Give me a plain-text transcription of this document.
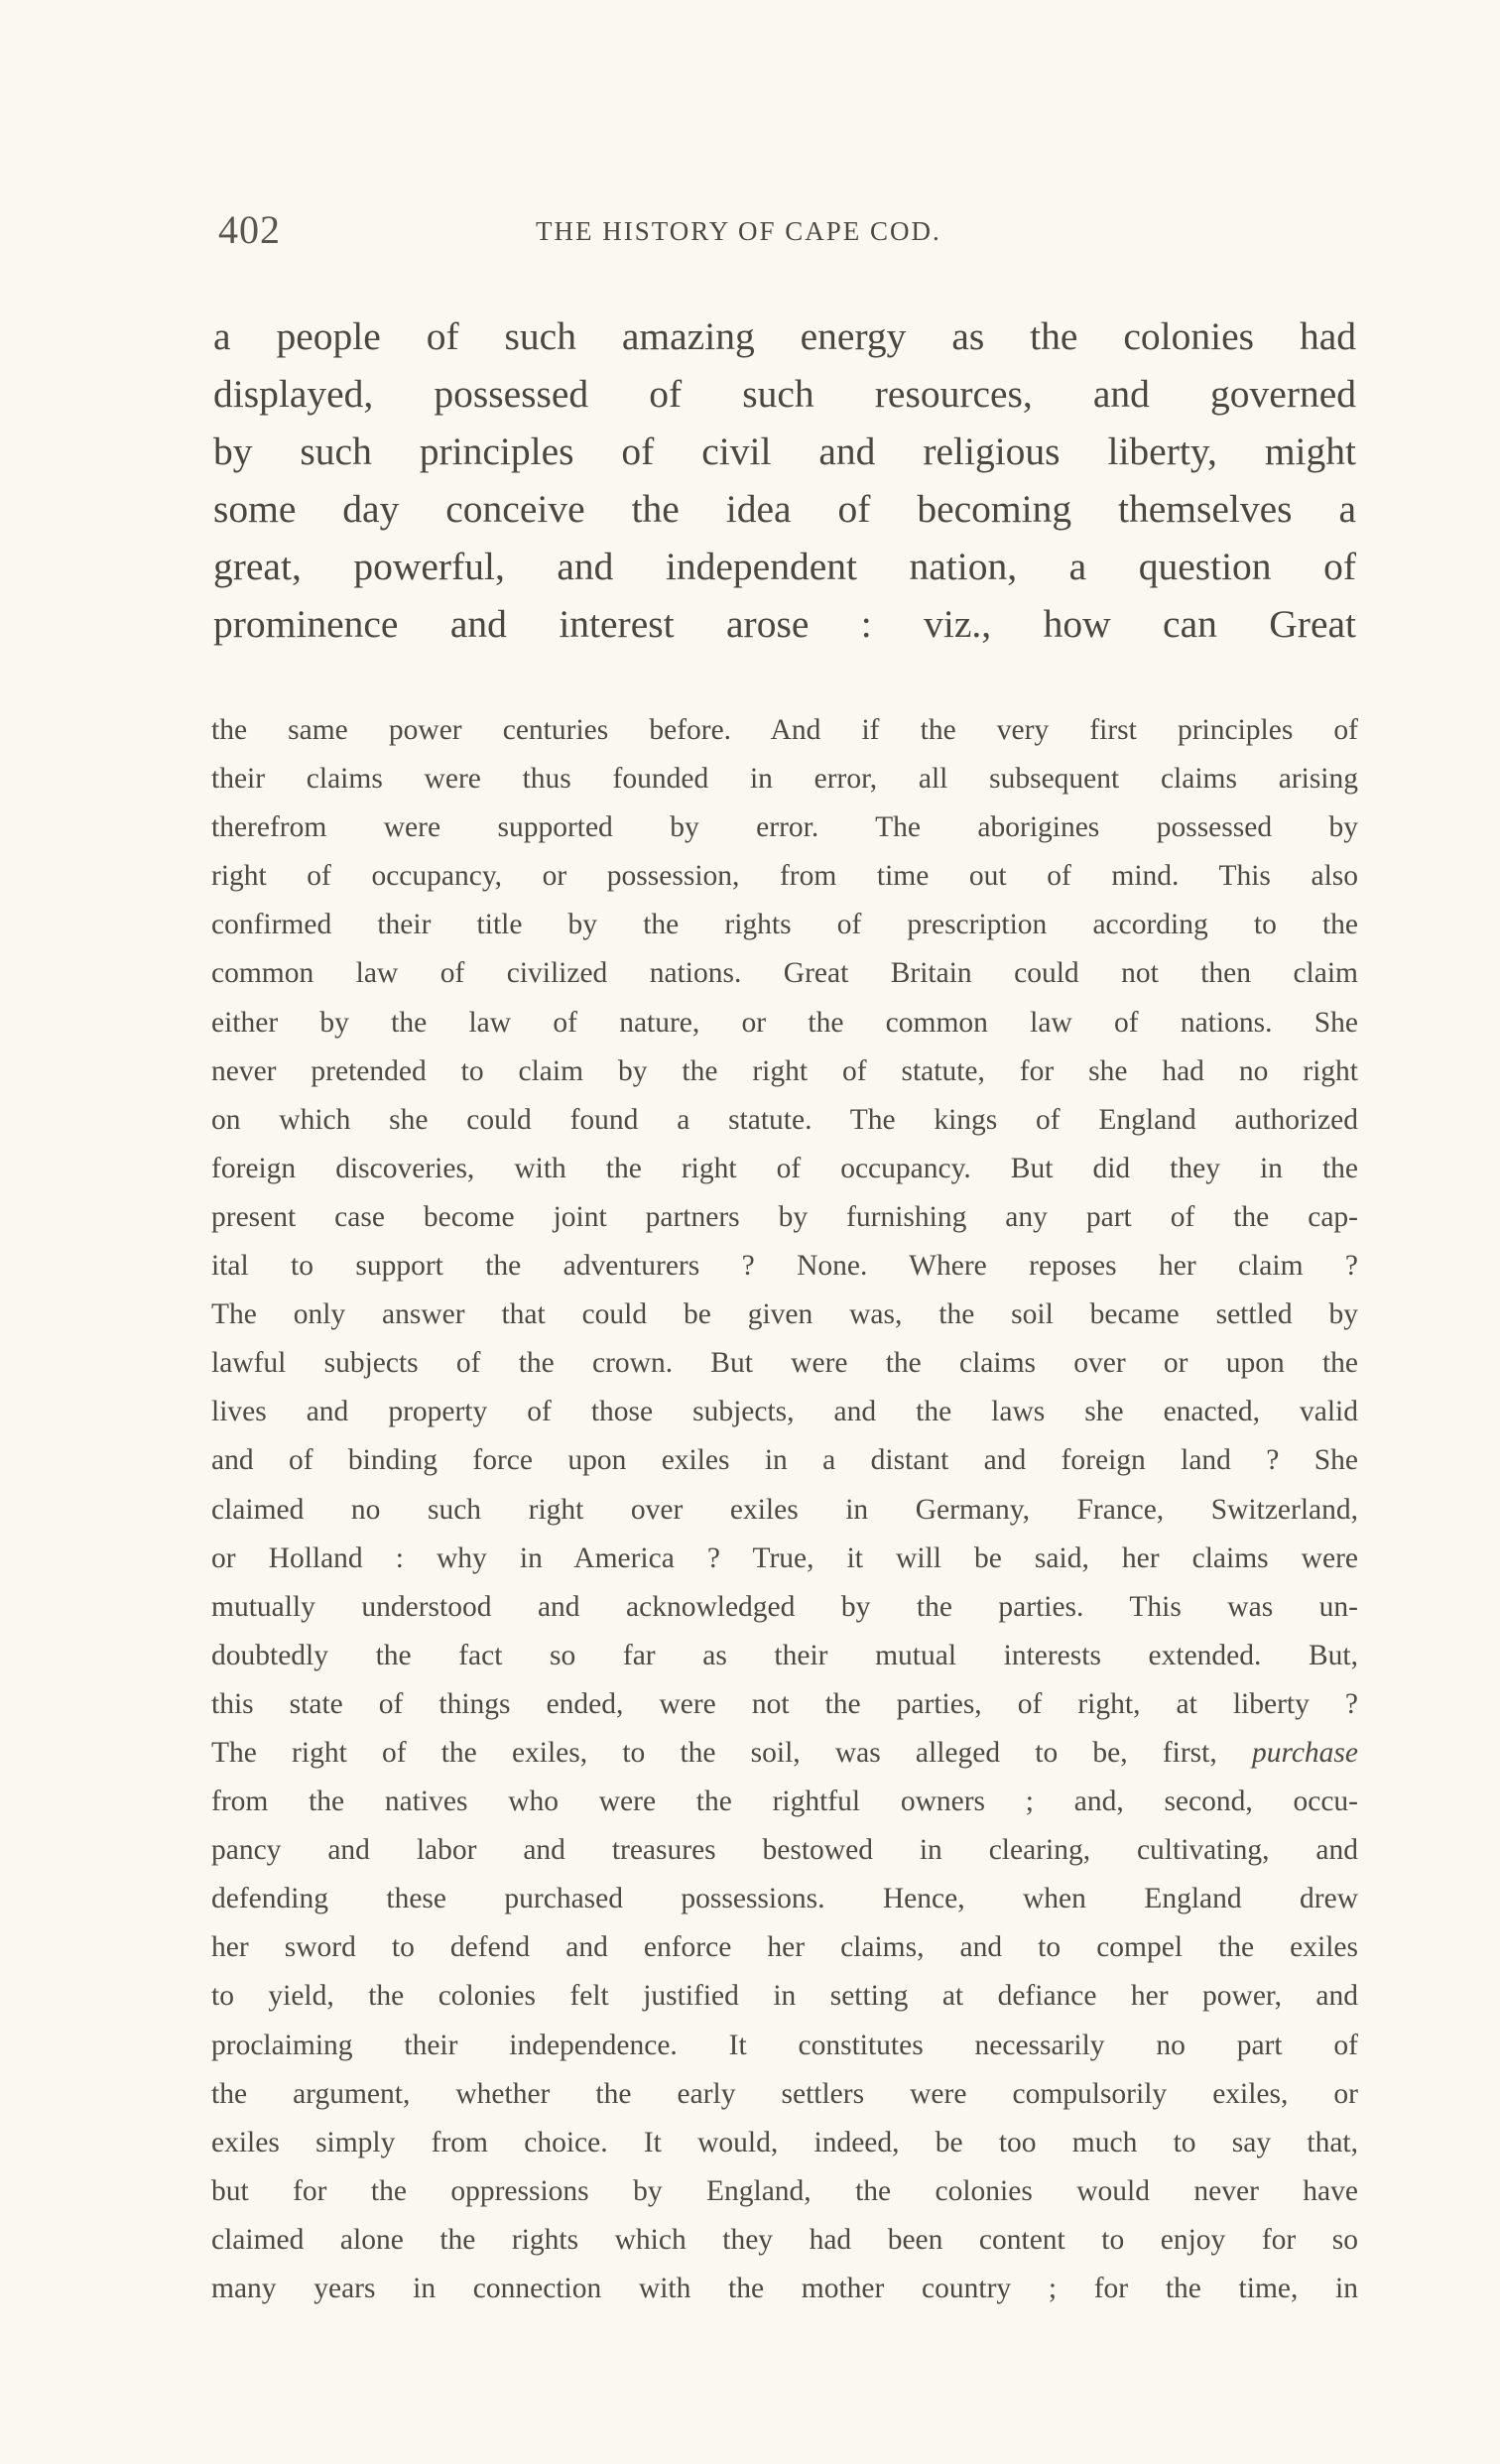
402	THE HISTORY OF CAPE COD.
a people of such amazing energy as the colonies had
displayed, possessed of such resources, and governed
by such principles of civil and religious liberty, might
some day conceive the idea of becoming themselves a
great, powerful, and independent nation, a question of
prominence and interest arose : viz., how can Great
the same power centuries before. And if the very first principles of
their claims were thus founded in error, all subsequent claims arising
therefrom were supported by error. The aborigines possessed by
right of occupancy, or possession, from time out of mind. This also
confirmed their title by the rights of prescription according to the
common law of civilized nations. Great Britain could not then claim
either by the law of nature, or the common law of nations. She
never pretended to claim by the right of statute, for she had no right
on which she could found a statute. The kings of England authorized
foreign discoveries, with the right of occupancy. But did they in the
present case become joint partners by furnishing any part of the cap-
ital to support the adventurers ? None. Where reposes her claim ?
The only answer that could be given was, the soil became settled by
lawful subjects of the crown. But were the claims over or upon the
lives and property of those subjects, and the laws she enacted, valid
and of binding force upon exiles in a distant and foreign land ? She
claimed no such right over exiles in Germany, France, Switzerland,
or Holland : why in America ? True, it will be said, her claims were
mutually understood and acknowledged by the parties. This was un-
doubtedly the fact so far as their mutual interests extended. But,
this state of things ended, were not the parties, of right, at liberty ?
The right of the exiles, to the soil, was alleged to be, first, purchase
from the natives who were the rightful owners ; and, second, occu-
pancy and labor and treasures bestowed in clearing, cultivating, and
defending these purchased possessions. Hence, when England drew
her sword to defend and enforce her claims, and to compel the exiles
to yield, the colonies felt justified in setting at defiance her power, and
proclaiming their independence. It constitutes necessarily no part of
the argument, whether the early settlers were compulsorily exiles, or
exiles simply from choice. It would, indeed, be too much to say that,
but for the oppressions by England, the colonies would never have
claimed alone the rights which they had been content to enjoy for so
many years in connection with the mother country ; for the time, in
